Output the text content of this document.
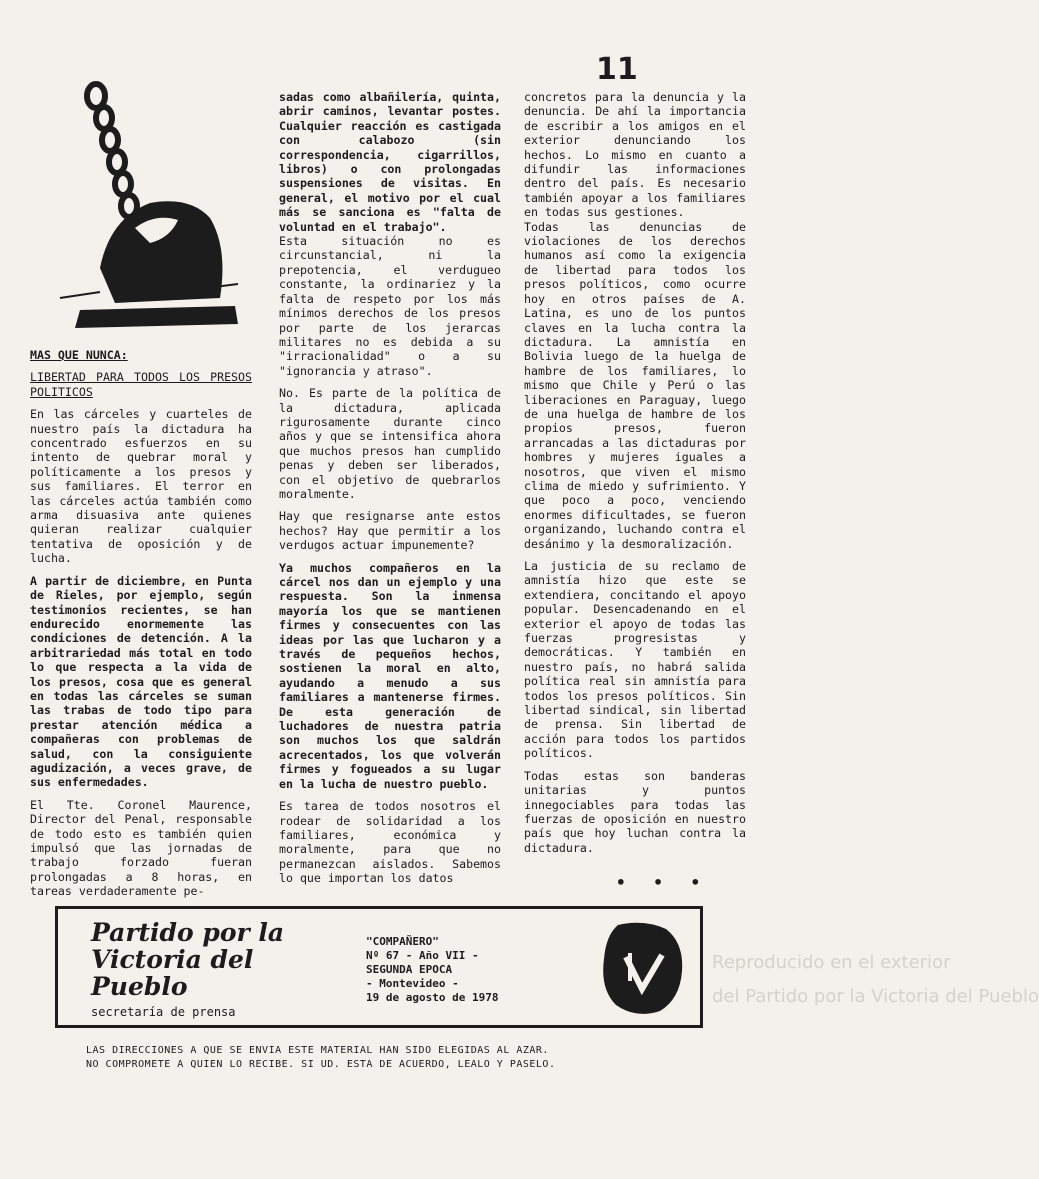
11

MAS QUE NUNCA:

LIBERTAD PARA TODOS LOS PRESOS POLITICOS

En las cárceles y cuarteles de nuestro país la dictadura ha concentrado esfuerzos en su intento de quebrar moral y políticamente a los presos y sus familiares. El terror en las cárceles actúa también como arma disuasiva ante quienes quieran realizar cualquier tentativa de oposición y de lucha.

A partir de diciembre, en Punta de Rieles, por ejemplo, según testimonios recientes, se han endurecido enormemente las condiciones de detención. A la arbitrariedad más total en todo lo que respecta a la vida de los presos, cosa que es general en todas las cárceles se suman las trabas de todo tipo para prestar atención médica a compañeras con problemas de salud, con la consiguiente agudización, a veces grave, de sus enfermedades.

El Tte. Coronel Maurence, Director del Penal, responsable de todo esto es también quien impulsó que las jornadas de trabajo forzado fueran prolongadas a 8 horas, en tareas verdaderamente pe-

sadas como albañilería, quinta, abrir caminos, levantar postes. Cualquier reacción es castigada con calabozo (sin correspondencia, cigarrillos, libros) o con prolongadas suspensiones de visitas. En general, el motivo por el cual más se sanciona es "falta de voluntad en el trabajo".

Esta situación no es circunstancial, ni la prepotencia, el verdugueo constante, la ordinariez y la falta de respeto por los más mínimos derechos de los presos por parte de los jerarcas militares no es debida a su "irracionalidad" o a su "ignorancia y atraso".

No. Es parte de la política de la dictadura, aplicada rigurosamente durante cinco años y que se intensifica ahora que muchos presos han cumplido penas y deben ser liberados, con el objetivo de quebrarlos moralmente.

Hay que resignarse ante estos hechos? Hay que permitir a los verdugos actuar impunemente?

Ya muchos compañeros en la cárcel nos dan un ejemplo y una respuesta. Son la inmensa mayoría los que se mantienen firmes y consecuentes con las ideas por las que lucharon y a través de pequeños hechos, sostienen la moral en alto, ayudando a menudo a sus familiares a mantenerse firmes. De esta generación de luchadores de nuestra patria son muchos los que saldrán acrecentados, los que volverán firmes y fogueados a su lugar en la lucha de nuestro pueblo.

Es tarea de todos nosotros el rodear de solidaridad a los familiares, económica y moralmente, para que no permanezcan aislados. Sabemos lo que importan los datos

concretos para la denuncia y la denuncia. De ahí la importancia de escribir a los amigos en el exterior denunciando los hechos. Lo mismo en cuanto a difundir las informaciones dentro del país. Es necesario también apoyar a los familiares en todas sus gestiones.

Todas las denuncias de violaciones de los derechos humanos así como la exigencia de libertad para todos los presos políticos, como ocurre hoy en otros países de A. Latina, es uno de los puntos claves en la lucha contra la dictadura. La amnistía en Bolivia luego de la huelga de hambre de los familiares, lo mismo que Chile y Perú o las liberaciones en Paraguay, luego de una huelga de hambre de los propios presos, fueron arrancadas a las dictaduras por hombres y mujeres iguales a nosotros, que viven el mismo clima de miedo y sufrimiento. Y que poco a poco, venciendo enormes dificultades, se fueron organizando, luchando contra el desánimo y la desmoralización.

La justicia de su reclamo de amnistía hizo que este se extendiera, concitando el apoyo popular. Desencadenando en el exterior el apoyo de todas las fuerzas progresistas y democráticas. Y también en nuestro país, no habrá salida política real sin amnistía para todos los presos políticos. Sin libertad sindical, sin libertad de prensa. Sin libertad de acción para todos los partidos políticos.

Todas estas son banderas unitarias y puntos innegociables para todas las fuerzas de oposición en nuestro país que hoy luchan contra la dictadura.

• • •
Reproducido en el exterior
del Partido por la Victoria del Pueblo
Partido por la
Victoria del
Pueblo
secretaría de prensa
"COMPAÑERO"
Nº 67 - Año VII -
SEGUNDA EPOCA
- Montevideo -
19 de agosto de 1978
LAS DIRECCIONES A QUE SE ENVIA ESTE MATERIAL HAN SIDO ELEGIDAS AL AZAR.
NO COMPROMETE A QUIEN LO RECIBE. SI UD. ESTA DE ACUERDO, LEALO Y PASELO.
